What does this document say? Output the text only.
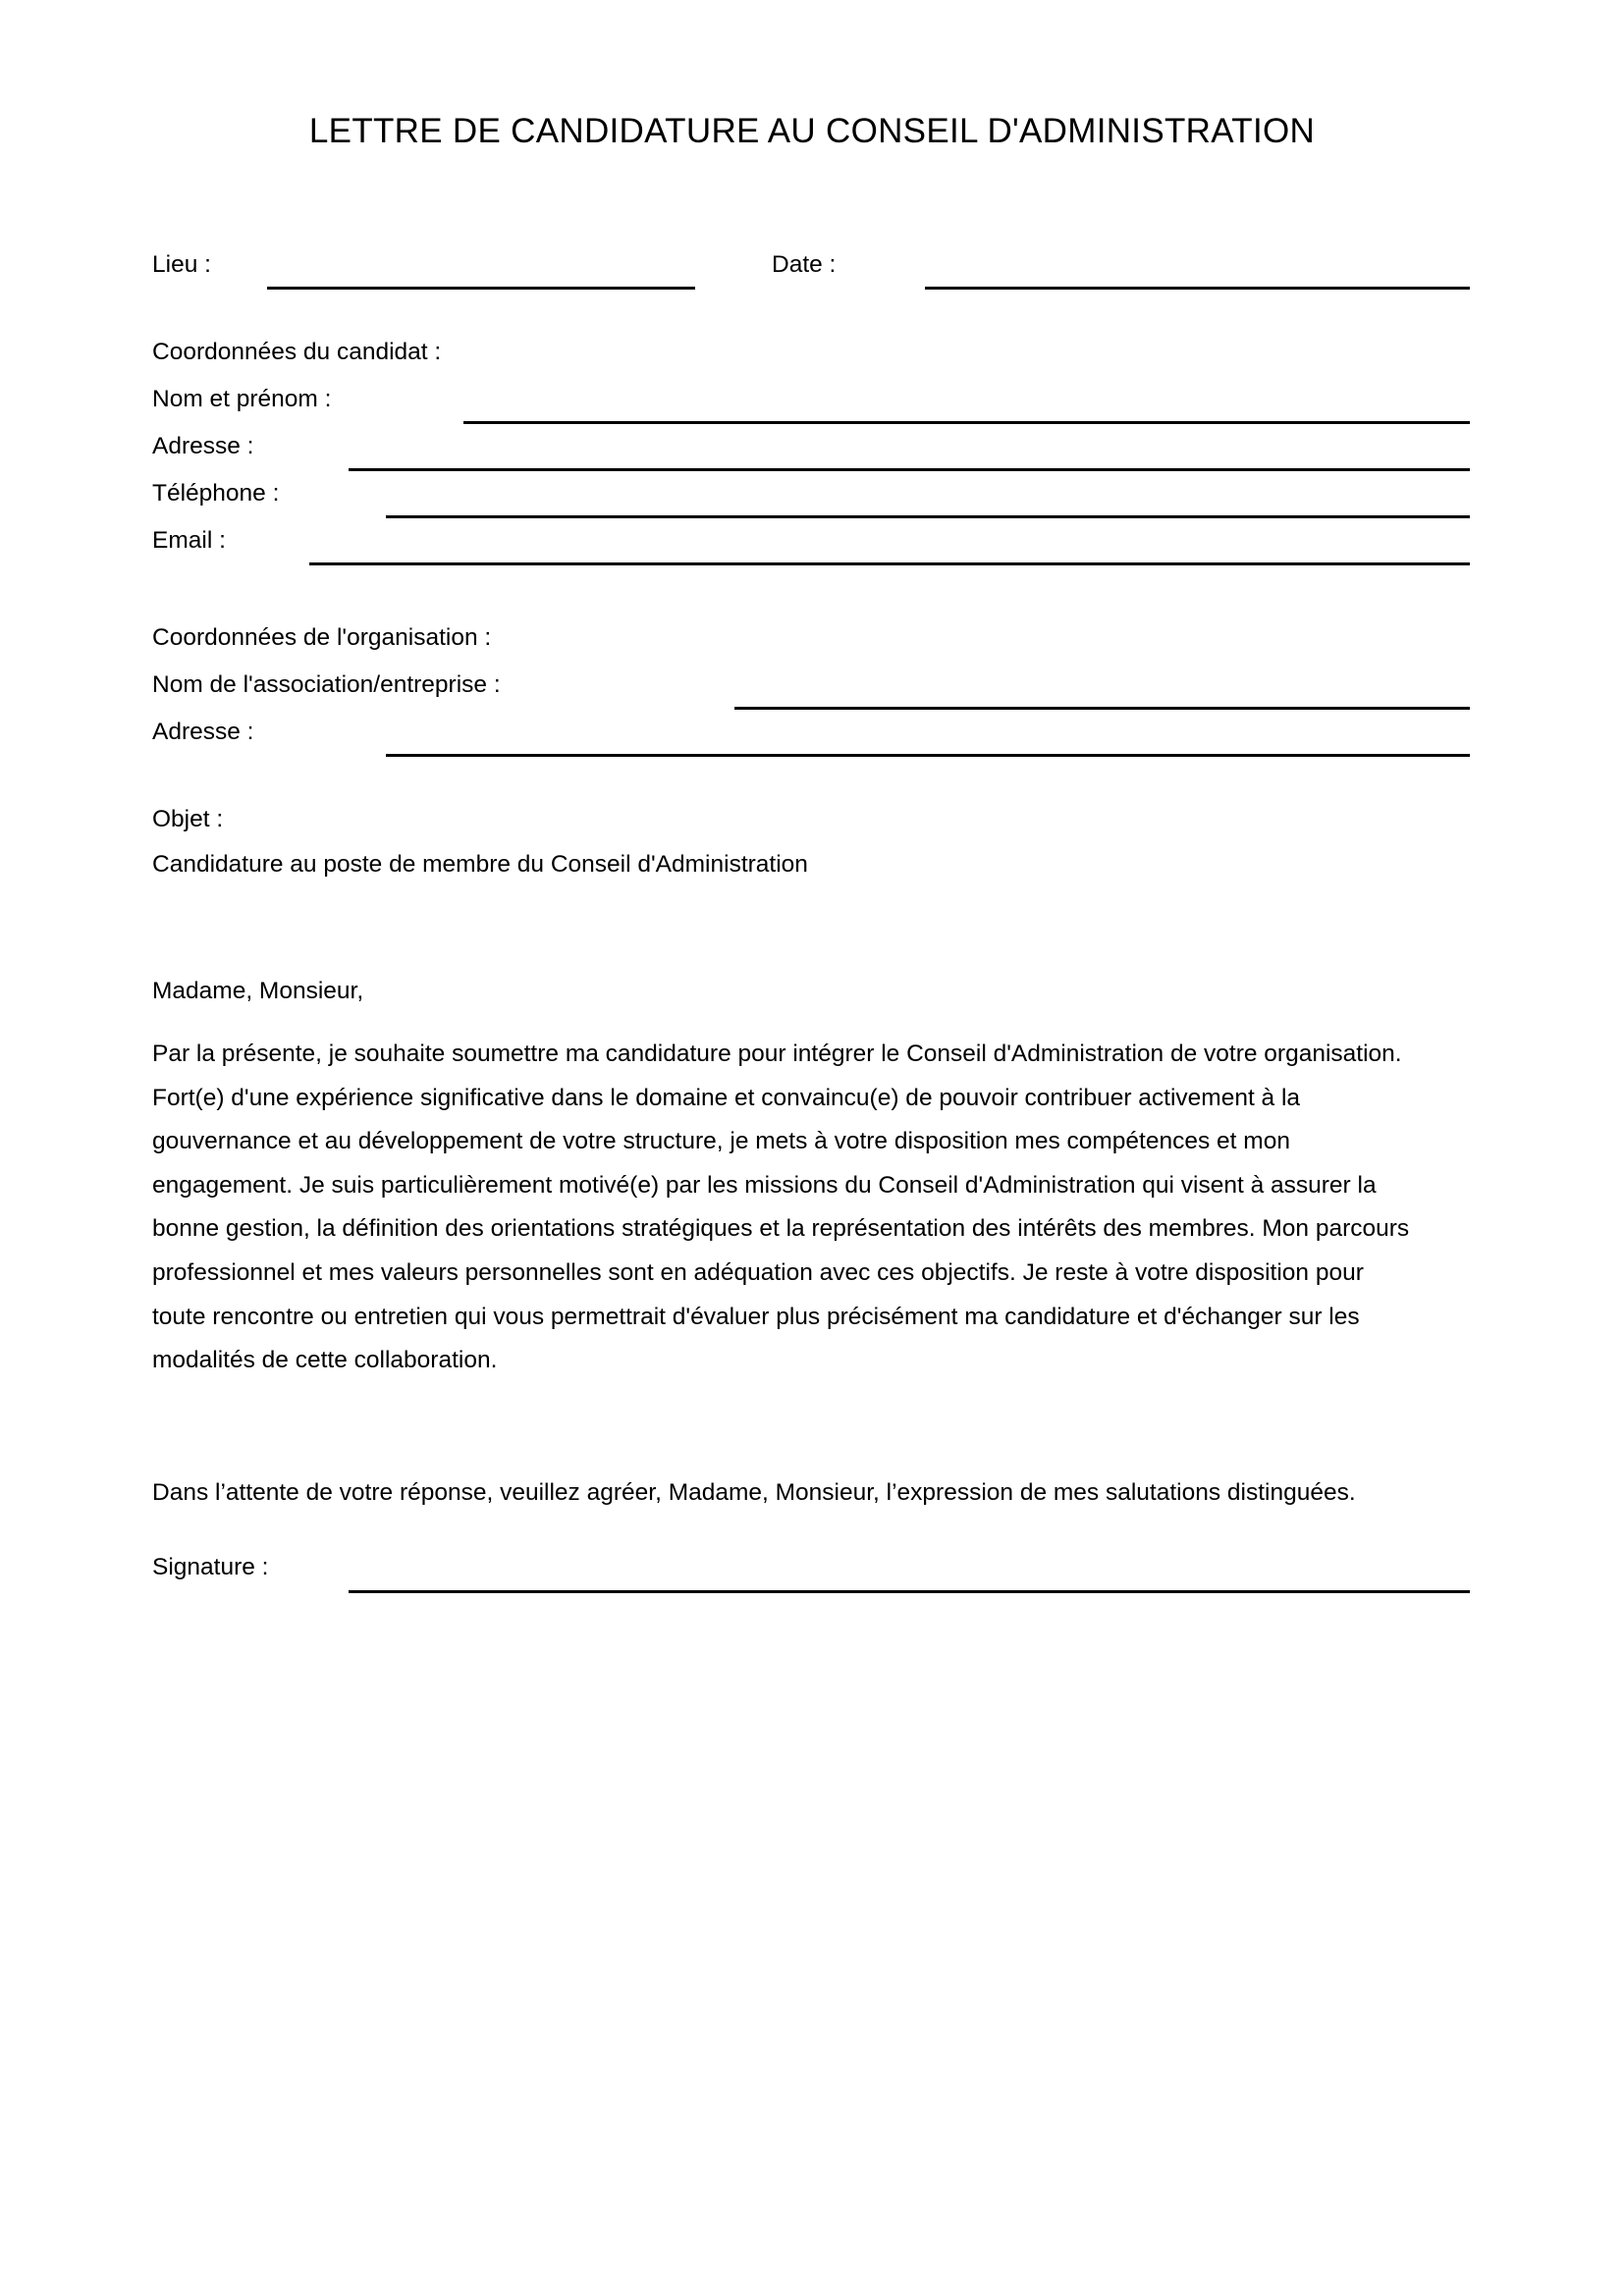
LETTRE DE CANDIDATURE AU CONSEIL D'ADMINISTRATION
Lieu :	Date :
Coordonnées du candidat :
Nom et prénom :
Adresse :
Téléphone :
Email :
Coordonnées de l'organisation :
Nom de l'association/entreprise :
Adresse :
Objet :
Candidature au poste de membre du Conseil d'Administration
Madame, Monsieur,
Par la présente, je souhaite soumettre ma candidature pour intégrer le Conseil d'Administration de votre organisation. Fort(e) d'une expérience significative dans le domaine et convaincu(e) de pouvoir contribuer activement à la gouvernance et au développement de votre structure, je mets à votre disposition mes compétences et mon engagement. Je suis particulièrement motivé(e) par les missions du Conseil d'Administration qui visent à assurer la bonne gestion, la définition des orientations stratégiques et la représentation des intérêts des membres. Mon parcours professionnel et mes valeurs personnelles sont en adéquation avec ces objectifs. Je reste à votre disposition pour toute rencontre ou entretien qui vous permettrait d'évaluer plus précisément ma candidature et d'échanger sur les modalités de cette collaboration.
Dans l’attente de votre réponse, veuillez agréer, Madame, Monsieur, l’expression de mes salutations distinguées.
Signature :
